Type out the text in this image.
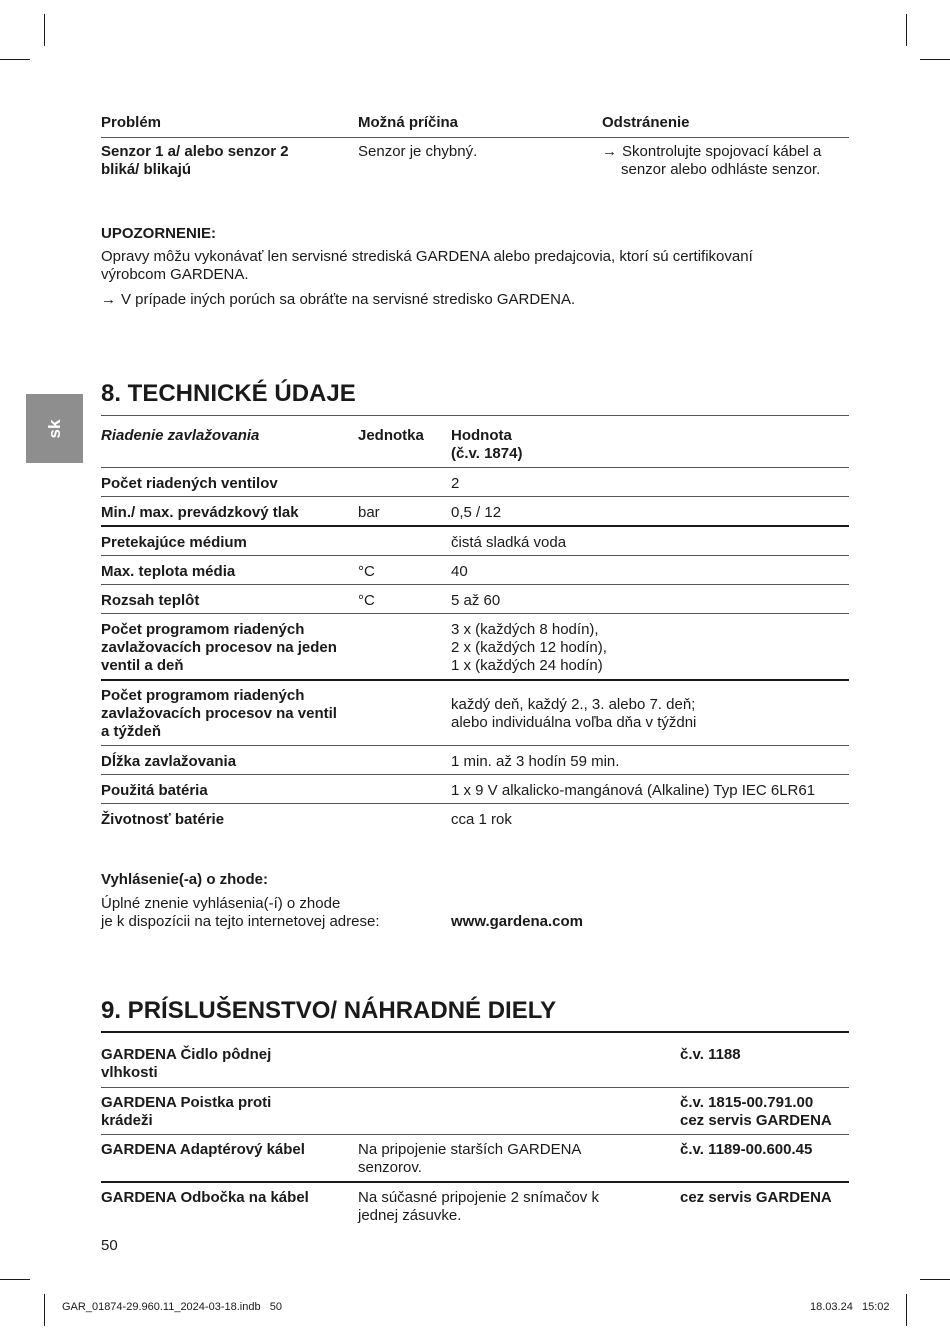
sk
Problém	Možná príčina	Odstránenie
Senzor 1 a/ alebo senzor 2 bliká/ blikajú
Senzor je chybný.
→	Skontrolujte spojovací kábel a senzor alebo odhláste senzor.
UPOZORNENIE:
Opravy môžu vykonávať len servisné strediská GARDENA alebo predajcovia, ktorí sú certifikovaní výrobcom GARDENA.
→ V prípade iných porúch sa obráťte na servisné stredisko GARDENA.
8. TECHNICKÉ ÚDAJE
Riadenie zavlažovania	Jednotka Hodnota (č.v. 1874)
Počet riadených ventilov	2
Min./ max. prevádzkový tlak	bar	0,5 / 12
Pretekajúce médium	čistá sladká voda
Max. teplota média	°C	40
Rozsah teplôt	°C	5 až 60
Počet programom riadených zavlažovacích procesov na jeden ventil a deň
3 x (každých 8 hodín),
2 x (každých 12 hodín),
1 x (každých 24 hodín)
Počet programom riadených zavlažovacích procesov na ventil a týždeň
každý deň, každý 2., 3. alebo 7. deň;
alebo individuálna voľba dňa v týždni
Dĺžka zavlažovania	1 min. až 3 hodín 59 min.
Použitá batéria	1 x 9 V alkalicko-mangánová (Alkaline) Typ IEC 6LR61
Životnosť batérie	cca 1 rok
Vyhlásenie(-a) o zhode:
Úplné znenie vyhlásenia(-í) o zhode
je k dispozícii na tejto internetovej adrese:	www.gardena.com
9. PRÍSLUŠENSTVO/ NÁHRADNÉ DIELY
GARDENA Čidlo pôdnej vlhkosti
č.v. 1188
GARDENA Poistka proti krádeži
č.v. 1815-00.791.00
cez servis GARDENA
GARDENA Adaptérový kábel	Na pripojenie starších GARDENA senzorov.
č.v. 1189-00.600.45
GARDENA Odbočka na kábel	Na súčasné pripojenie 2 snímačov k jednej zásuvke.
cez servis GARDENA
50
GAR_01874-29.960.11_2024-03-18.indb   50	18.03.24   15:02
